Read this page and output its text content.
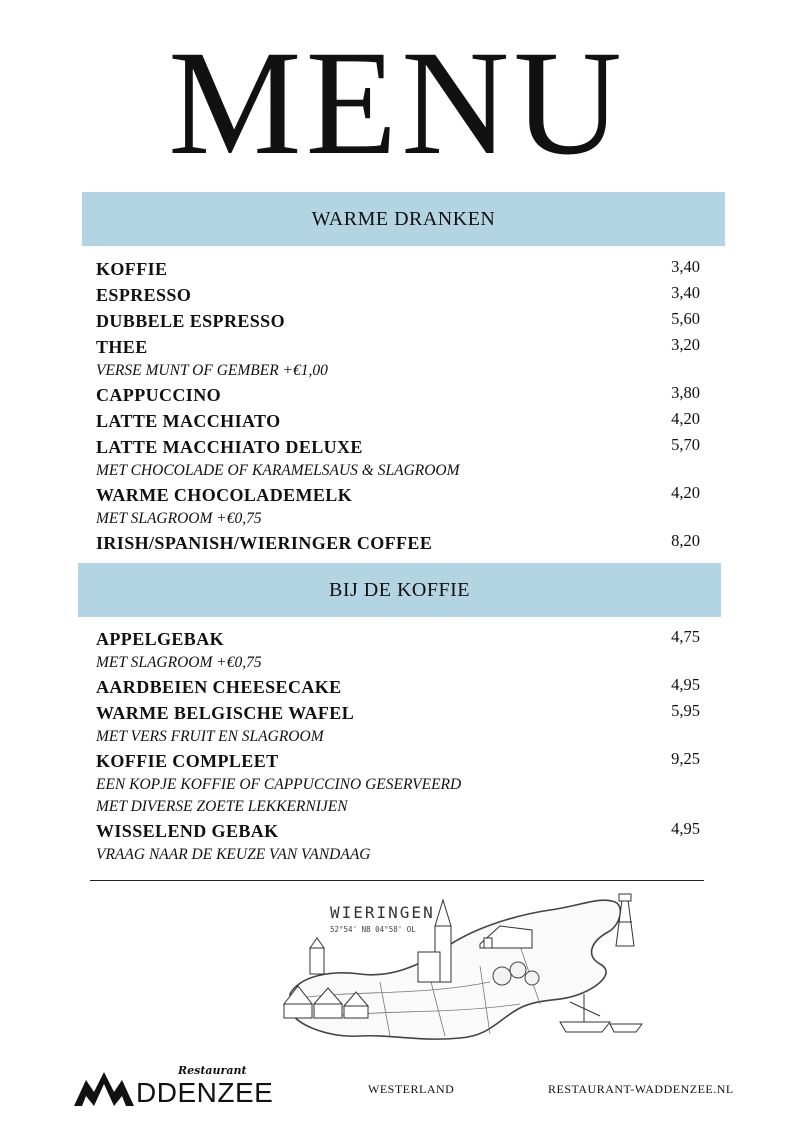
MENU
WARME DRANKEN
KOFFIE	3,40
ESPRESSO	3,40
DUBBELE ESPRESSO	5,60
THEE	3,20
VERSE MUNT OF GEMBER +€1,00
CAPPUCCINO	3,80
LATTE MACCHIATO	4,20
LATTE MACCHIATO DELUXE	5,70
MET CHOCOLADE OF KARAMELSAUS & SLAGROOM
WARME CHOCOLADEMELK	4,20
MET SLAGROOM +€0,75
IRISH/SPANISH/WIERINGER COFFEE	8,20
BIJ DE KOFFIE
APPELGEBAK	4,75
MET SLAGROOM +€0,75
AARDBEIEN CHEESECAKE	4,95
WARME BELGISCHE WAFEL	5,95
MET VERS FRUIT EN SLAGROOM
KOFFIE COMPLEET	9,25
EEN KOPJE KOFFIE OF CAPPUCCINO GESERVEERD
MET DIVERSE ZOETE LEKKERNIJEN
WISSELEND GEBAK	4,95
VRAAG NAAR DE KEUZE VAN VANDAAG
WIERINGEN
52°54' NB 04°58' OL
Restaurant
DDENZEE	WESTERLAND	RESTAURANT-WADDENZEE.NL
